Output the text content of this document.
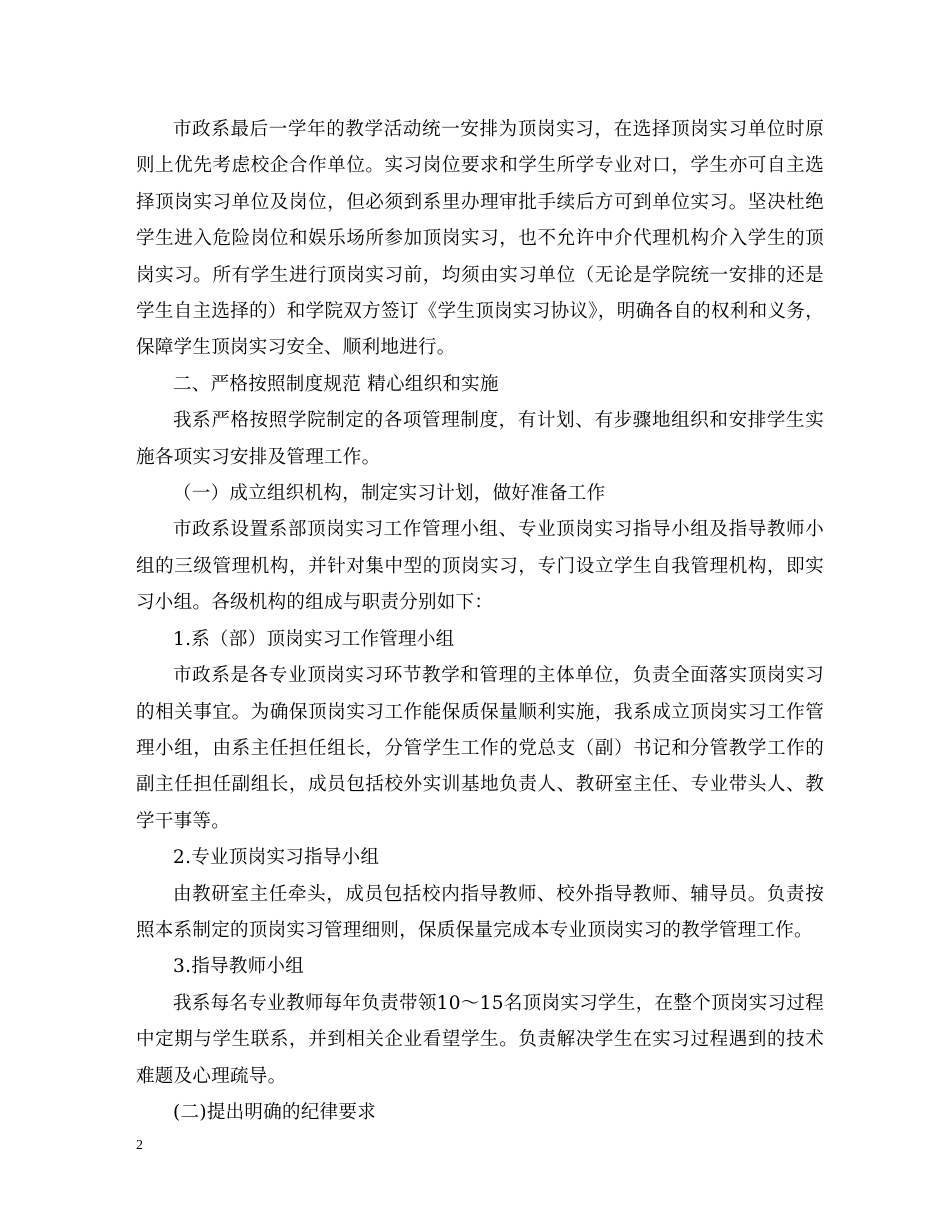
市政系最后一学年的教学活动统一安排为顶岗实习，在选择顶岗实习单位时原则上优先考虑校企合作单位。实习岗位要求和学生所学专业对口，学生亦可自主选择顶岗实习单位及岗位，但必须到系里办理审批手续后方可到单位实习。坚决杜绝学生进入危险岗位和娱乐场所参加顶岗实习，也不允许中介代理机构介入学生的顶岗实习。所有学生进行顶岗实习前，均须由实习单位（无论是学院统一安排的还是学生自主选择的）和学院双方签订《学生顶岗实习协议》，明确各自的权利和义务，保障学生顶岗实习安全、顺利地进行。

二、严格按照制度规范 精心组织和实施

我系严格按照学院制定的各项管理制度，有计划、有步骤地组织和安排学生实施各项实习安排及管理工作。

（一）成立组织机构，制定实习计划，做好准备工作

市政系设置系部顶岗实习工作管理小组、专业顶岗实习指导小组及指导教师小组的三级管理机构，并针对集中型的顶岗实习，专门设立学生自我管理机构，即实习小组。各级机构的组成与职责分别如下：

1.系（部）顶岗实习工作管理小组

市政系是各专业顶岗实习环节教学和管理的主体单位，负责全面落实顶岗实习的相关事宜。为确保顶岗实习工作能保质保量顺利实施，我系成立顶岗实习工作管理小组，由系主任担任组长，分管学生工作的党总支（副）书记和分管教学工作的副主任担任副组长，成员包括校外实训基地负责人、教研室主任、专业带头人、教学干事等。

2.专业顶岗实习指导小组

由教研室主任牵头，成员包括校内指导教师、校外指导教师、辅导员。负责按照本系制定的顶岗实习管理细则，保质保量完成本专业顶岗实习的教学管理工作。

3.指导教师小组

我系每名专业教师每年负责带领10～15名顶岗实习学生，在整个顶岗实习过程中定期与学生联系，并到相关企业看望学生。负责解决学生在实习过程遇到的技术难题及心理疏导。

(二)提出明确的纪律要求

2
